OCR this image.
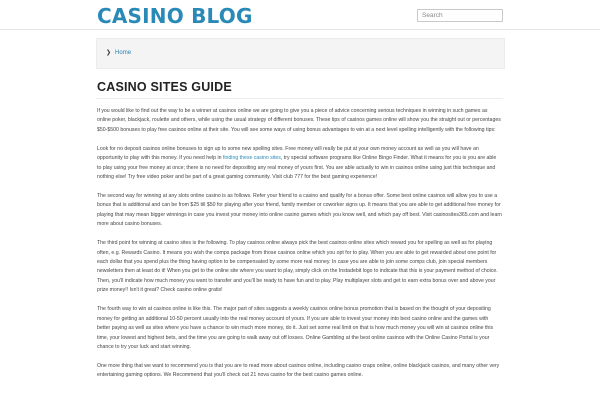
CASINO BLOG
Search
❯ Home
CASINO SITES GUIDE

If you would like to find out the way to be a winner at casinos online we are going to give you a piece of advice concerning serious techniques in winning in such games as online poker, blackjack, roulette and others, while using the usual strategy of different bonuses. These tips of casinos games online will show you the straight out or percentages $50-$500 bonuses to play free casinos online at their site. You will see some ways of using bonus advantages to win at a next level spelling intelligently with the following tips:

Look for no deposit casinos online bonuses to sign up to some new spelling sites. Free money will really be put at your own money account as well as you will have an opportunity to play with this money. If you need help in finding these casino sites, try special software programs like Online Bingo Finder. What it means for you is you are able to play using your free money at once; there is no need for depositing any real money of yours first. You are able actually to win in casinos online using just this technique and nothing else! Try free video poker and be part of a great gaming community. Visit club 777 for the best gaming experience!

The second way for winning at any slots online casino is as follows. Refer your friend to a casino and qualify for a bonus offer. Some best online casinos will allow you to use a bonus that is additional and can be from $25 till $50 for playing after your friend, family member or coworker signs up. It means that you are able to get additional free money for playing that may mean bigger winnings in case you invest your money into online casino games which you know well, and which pay off best. Visit casinosites365.com and learn more about casino bonuses.

The third point for winning at casino sites is the following. To play casinos online always pick the best casinos online sites which reward you for spelling as well as for playing often, e.g. Rewards Casino. It means you wish the comps package from those casinos online which you opt for to play. When you are able to get rewarded about one point for each dollar that you spend plus the thing having option to be compensated by some more real money. In case you are able to join some comps club, join special members newsletters then at least do it! When you get to the online site where you want to play, simply click on the Instadebit logo to indicate that this is your payment method of choice. Then, you'll indicate how much money you want to transfer and you'll be ready to have fun and to play. Play multiplayer slots and get to earn extra bonus over and above your prize money!! Isn't it great? Check casino online gratis!

The fourth way to win at casinos online is like this. The major part of sites suggests a weekly casinos online bonus promotion that is based on the thought of your depositing money for getting an additional 10-50 percent usually into the real money account of yours. If you are able to invest your money into best casino online and the games with better paying as well as sites where you have a chance to win much more money, do it. Just set some real limit on that is how much money you will win at casinos online this time, your lowest and highest bets, and the time you are going to walk away out off losses. Online Gambling at the best online casinos with the Online Casino Portal is your chance to try your luck and start winning.

One more thing that we want to recommend you is that you are to read more about casinos online, including casino craps online, online blackjack casinos, and many other very entertaining gaming options. We Recommend that you'll check out 21 nova casino for the best casino games online.
